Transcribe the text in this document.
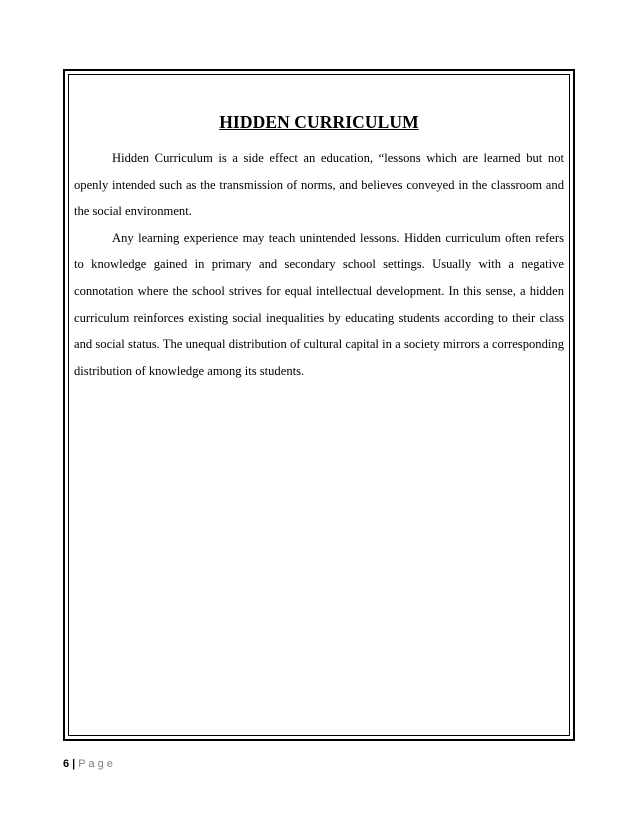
HIDDEN CURRICULUM

Hidden Curriculum is a side effect an education, “lessons which are learned but not openly intended such as the transmission of norms, and believes conveyed in the classroom and the social environment.

Any learning experience may teach unintended lessons. Hidden curriculum often refers to knowledge gained in primary and secondary school settings. Usually with a negative connotation where the school strives for equal intellectual development. In this sense, a hidden curriculum reinforces existing social inequalities by educating students according to their class and social status. The unequal distribution of cultural capital in a society mirrors a corresponding distribution of knowledge among its students.

6 | Page
